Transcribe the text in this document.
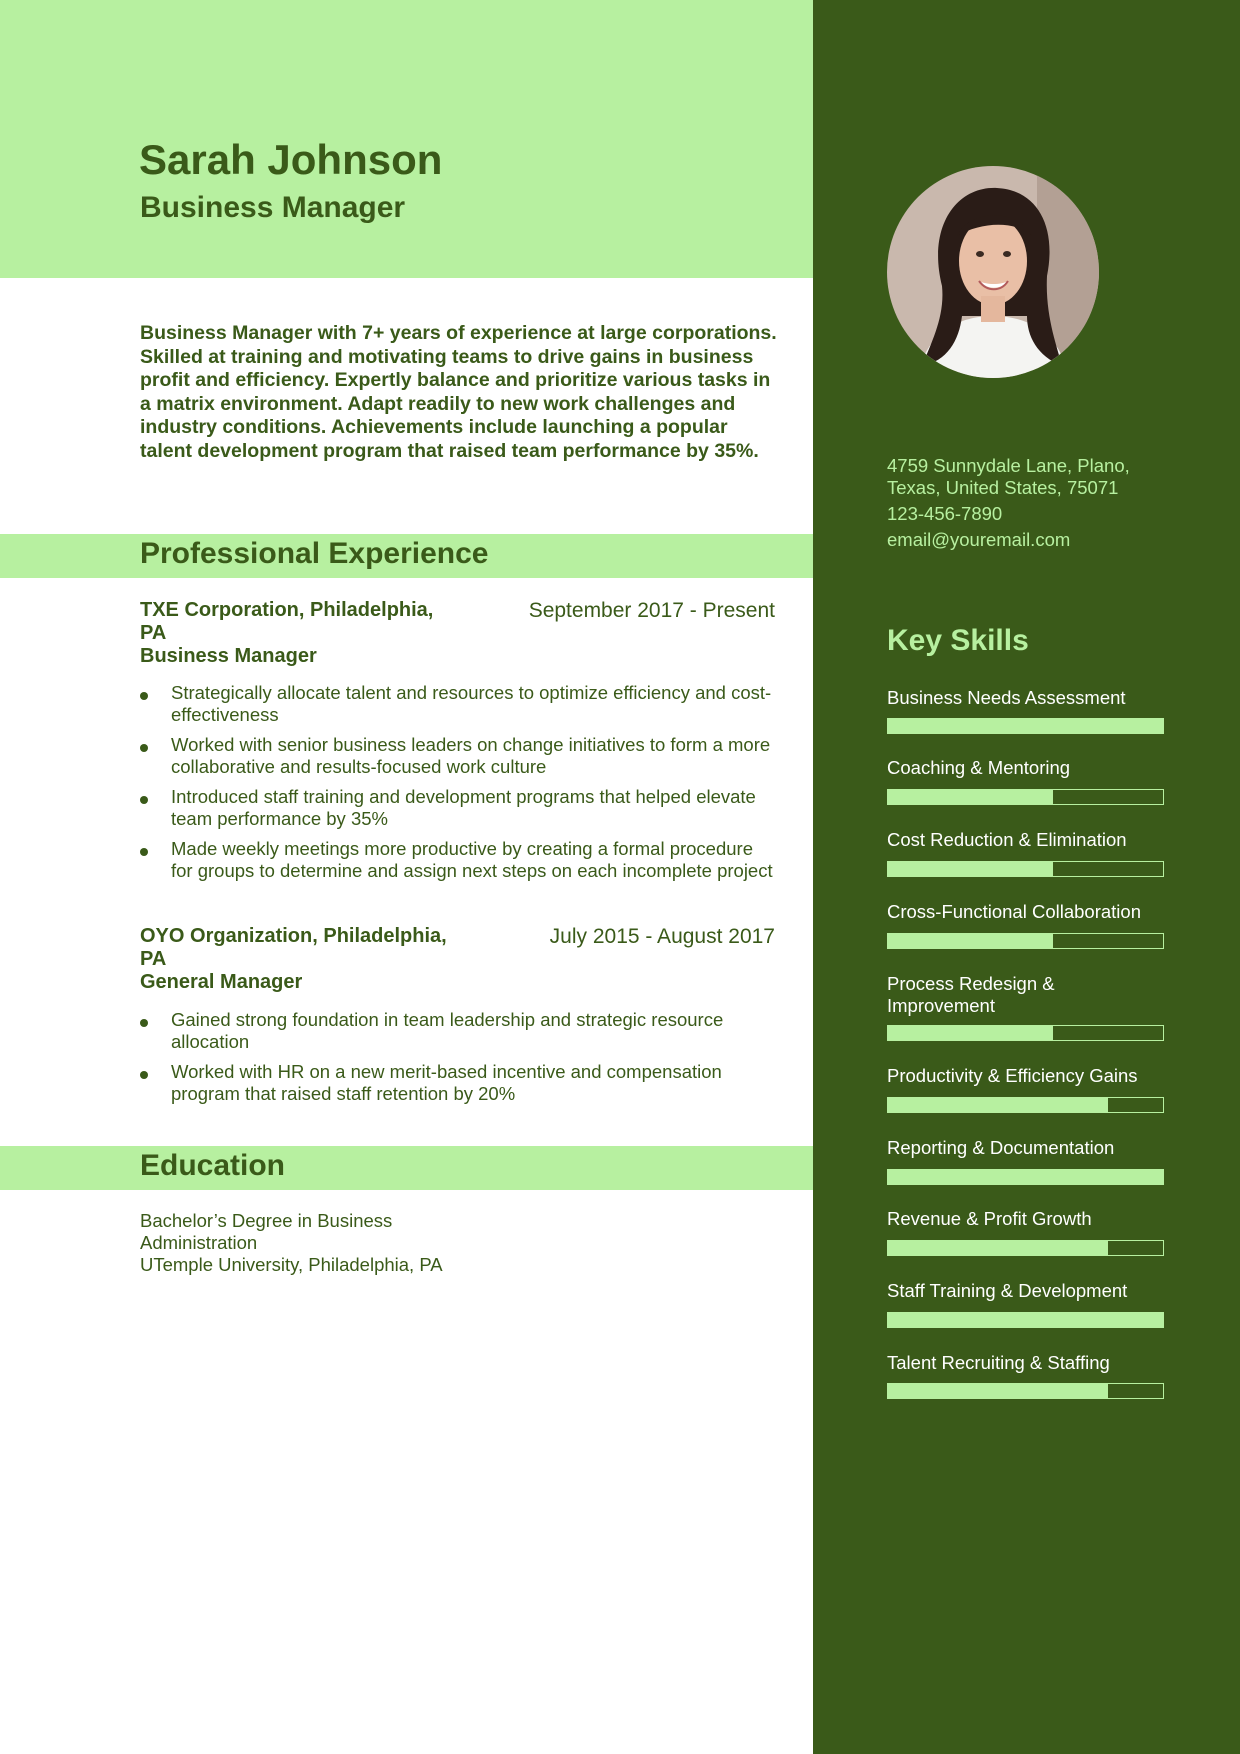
Sarah Johnson
Business Manager

Business Manager with 7+ years of experience at large corporations. Skilled at training and motivating teams to drive gains in business profit and efficiency. Expertly balance and prioritize various tasks in a matrix environment. Adapt readily to new work challenges and industry conditions. Achievements include launching a popular talent development program that raised team performance by 35%.

Professional Experience
TXE Corporation, Philadelphia, PA
September 2017 - Present
Business Manager
Strategically allocate talent and resources to optimize efficiency and cost-effectiveness
Worked with senior business leaders on change initiatives to form a more collaborative and results-focused work culture
Introduced staff training and development programs that helped elevate team performance by 35%
Made weekly meetings more productive by creating a formal procedure for groups to determine and assign next steps on each incomplete project
OYO Organization, Philadelphia, PA
July 2015 - August 2017
General Manager
Gained strong foundation in team leadership and strategic resource allocation
Worked with HR on a new merit-based incentive and compensation program that raised staff retention by 20%
Education
Bachelor’s Degree in Business
Administration
UTemple University, Philadelphia, PA

4759 Sunnydale Lane, Plano,
Texas, United States, 75071

123-456-7890

email@youremail.com

Key Skills
Business Needs Assessment
Coaching & Mentoring
Cost Reduction & Elimination
Cross-Functional Collaboration
Process Redesign & Improvement
Productivity & Efficiency Gains
Reporting & Documentation
Revenue & Profit Growth
Staff Training & Development
Talent Recruiting & Staffing
